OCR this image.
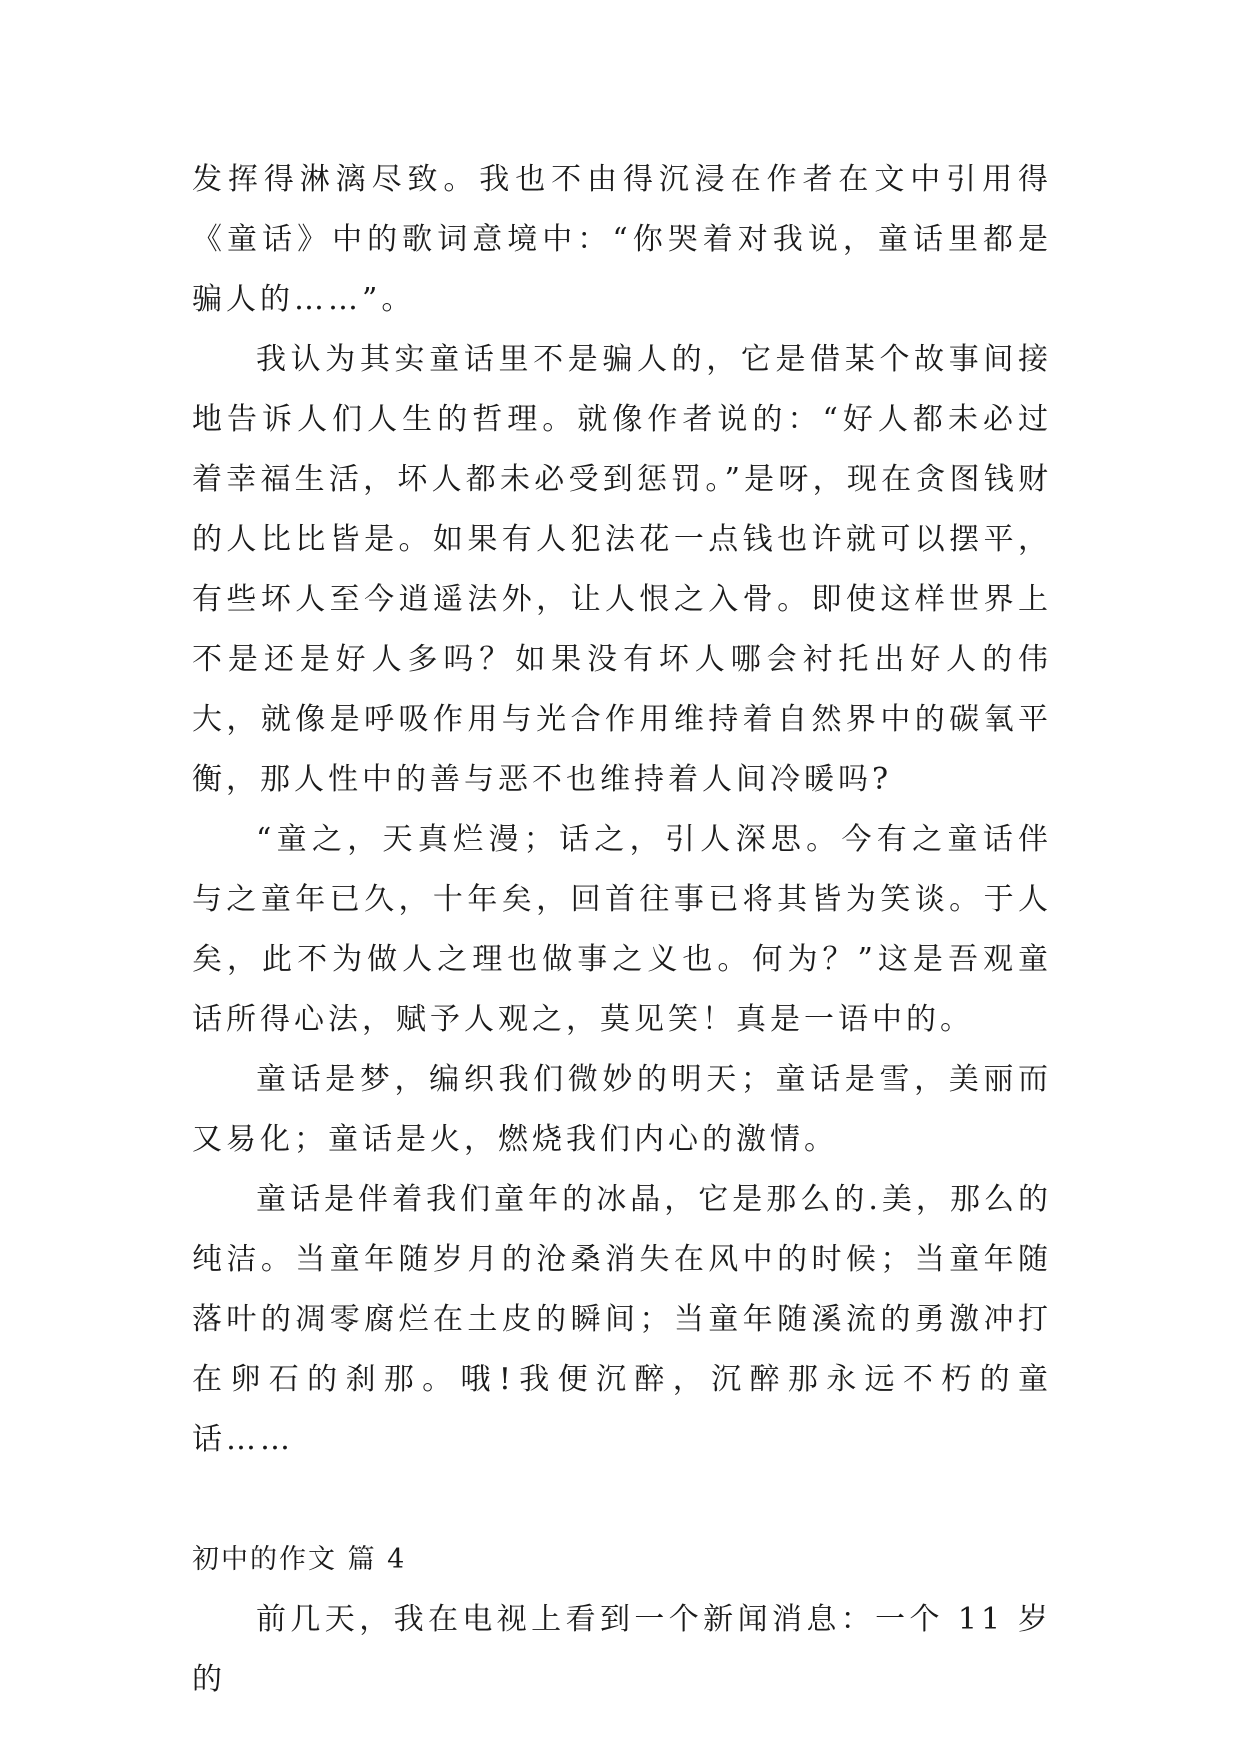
发挥得淋漓尽致。我也不由得沉浸在作者在文中引用得《童话》中的歌词意境中：“你哭着对我说，童话里都是骗人的……”。

我认为其实童话里不是骗人的，它是借某个故事间接地告诉人们人生的哲理。就像作者说的：“好人都未必过着幸福生活，坏人都未必受到惩罚。”是呀，现在贪图钱财的人比比皆是。如果有人犯法花一点钱也许就可以摆平，有些坏人至今逍遥法外，让人恨之入骨。即使这样世界上不是还是好人多吗？如果没有坏人哪会衬托出好人的伟大，就像是呼吸作用与光合作用维持着自然界中的碳氧平衡，那人性中的善与恶不也维持着人间冷暖吗?

“童之，天真烂漫；话之，引人深思。今有之童话伴与之童年已久，十年矣，回首往事已将其皆为笑谈。于人矣，此不为做人之理也做事之义也。何为？”这是吾观童话所得心法，赋予人观之，莫见笑！真是一语中的。

童话是梦，编织我们微妙的明天；童话是雪，美丽而又易化；童话是火，燃烧我们内心的激情。

童话是伴着我们童年的冰晶，它是那么的.美，那么的纯洁。当童年随岁月的沧桑消失在风中的时候；当童年随落叶的凋零腐烂在土皮的瞬间；当童年随溪流的勇激冲打在卵石的刹那。哦!我便沉醉，沉醉那永远不朽的童话……

初中的作文 篇 4

前几天，我在电视上看到一个新闻消息：一个 11 岁的
